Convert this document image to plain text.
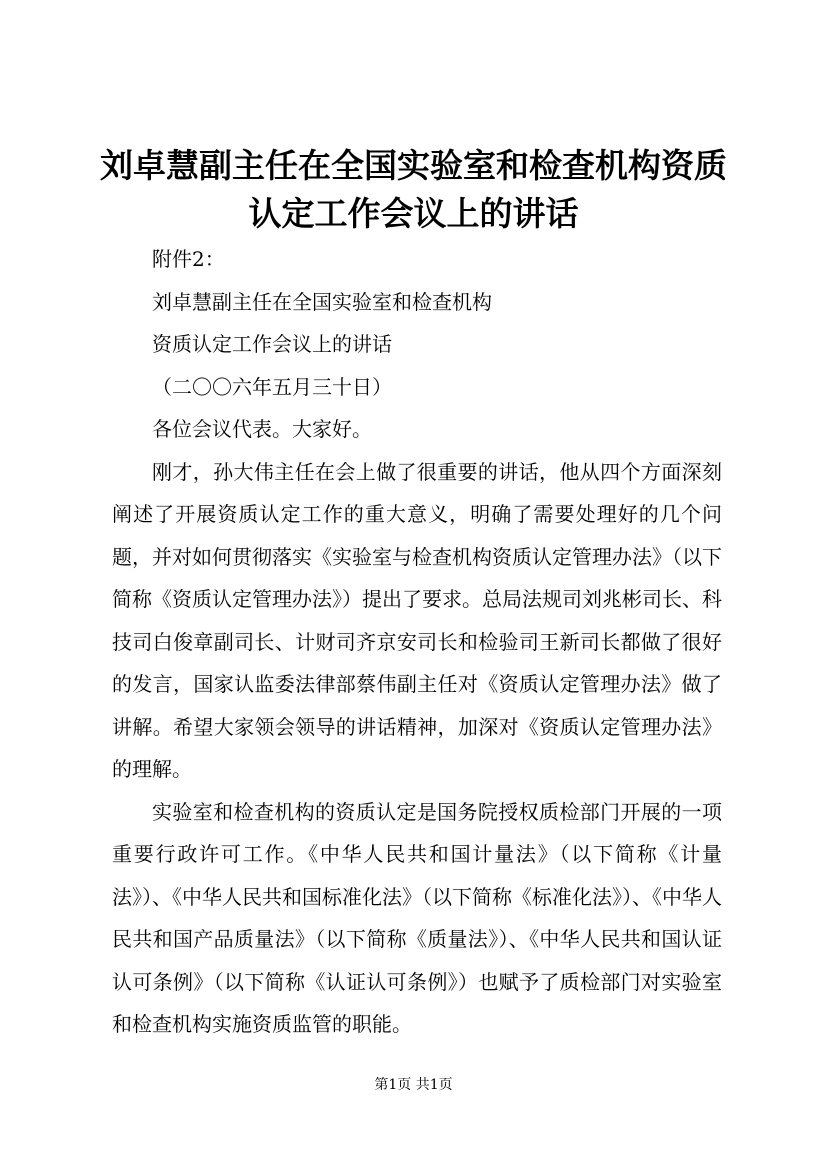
刘卓慧副主任在全国实验室和检查机构资质认定工作会议上的讲话

附件2：

刘卓慧副主任在全国实验室和检查机构

资质认定工作会议上的讲话

（二〇〇六年五月三十日）

各位会议代表。大家好。

刚才，孙大伟主任在会上做了很重要的讲话，他从四个方面深刻阐述了开展资质认定工作的重大意义，明确了需要处理好的几个问题，并对如何贯彻落实《实验室与检查机构资质认定管理办法》（以下简称《资质认定管理办法》）提出了要求。总局法规司刘兆彬司长、科技司白俊章副司长、计财司齐京安司长和检验司王新司长都做了很好的发言，国家认监委法律部蔡伟副主任对《资质认定管理办法》做了讲解。希望大家领会领导的讲话精神，加深对《资质认定管理办法》的理解。

实验室和检查机构的资质认定是国务院授权质检部门开展的一项重要行政许可工作。《中华人民共和国计量法》（以下简称《计量法》）、《中华人民共和国标准化法》（以下简称《标准化法》）、《中华人民共和国产品质量法》（以下简称《质量法》）、《中华人民共和国认证认可条例》（以下简称《认证认可条例》）也赋予了质检部门对实验室和检查机构实施资质监管的职能。

第1页 共1页
